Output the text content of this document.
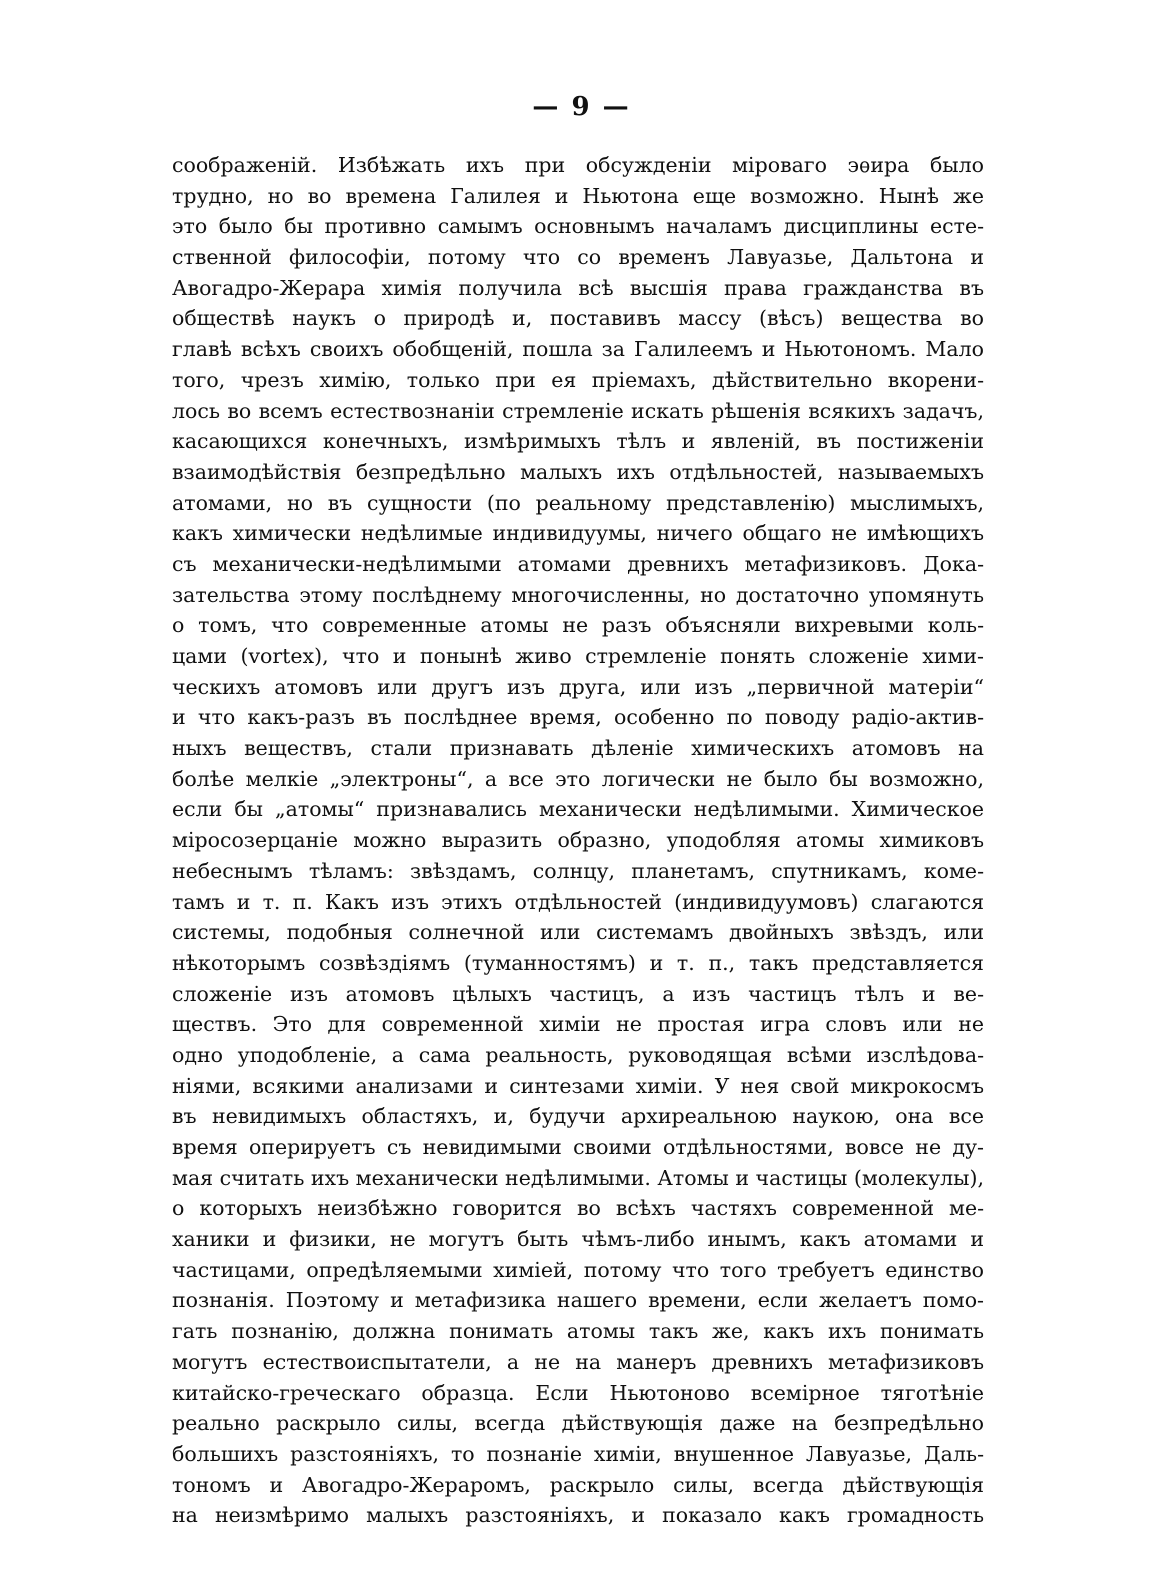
— 9 —
соображеній. Избѣжать ихъ при обсужденіи міроваго эѳира было
трудно, но во времена Галилея и Ньютона еще возможно. Нынѣ же
это было бы противно самымъ основнымъ началамъ дисциплины есте-
ственной философіи, потому что со временъ Лавуазье, Дальтона и
Авогадро-Жерара химія получила всѣ высшія права гражданства въ
обществѣ наукъ о природѣ и, поставивъ массу (вѣсъ) вещества во
главѣ всѣхъ своихъ обобщеній, пошла за Галилеемъ и Ньютономъ. Мало
того, чрезъ химію, только при ея пріемахъ, дѣйствительно вкорени-
лось во всемъ естествознаніи стремленіе искать рѣшенія всякихъ задачъ,
касающихся конечныхъ, измѣримыхъ тѣлъ и явленій, въ постиженіи
взаимодѣйствія безпредѣльно малыхъ ихъ отдѣльностей, называемыхъ
атомами, но въ сущности (по реальному представленію) мыслимыхъ,
какъ химически недѣлимые индивидуумы, ничего общаго не имѣющихъ
съ механически-недѣлимыми атомами древнихъ метафизиковъ. Дока-
зательства этому послѣднему многочисленны, но достаточно упомянуть
о томъ, что современные атомы не разъ объясняли вихревыми коль-
цами (vortex), что и понынѣ живо стремленіе понять сложеніе хими-
ческихъ атомовъ или другъ изъ друга, или изъ „первичной матеріи“
и что какъ-разъ въ послѣднее время, особенно по поводу радіо-актив-
ныхъ веществъ, стали признавать дѣленіе химическихъ атомовъ на
болѣе мелкіе „электроны“, а все это логически не было бы возможно,
если бы „атомы“ признавались механически недѣлимыми. Химическое
міросозерцаніе можно выразить образно, уподобляя атомы химиковъ
небеснымъ тѣламъ: звѣздамъ, солнцу, планетамъ, спутникамъ, коме-
тамъ и т. п. Какъ изъ этихъ отдѣльностей (индивидуумовъ) слагаются
системы, подобныя солнечной или системамъ двойныхъ звѣздъ, или
нѣкоторымъ созвѣздіямъ (туманностямъ) и т. п., такъ представляется
сложеніе изъ атомовъ цѣлыхъ частицъ, а изъ частицъ тѣлъ и ве-
ществъ. Это для современной химіи не простая игра словъ или не
одно уподобленіе, а сама реальность, руководящая всѣми изслѣдова-
ніями, всякими анализами и синтезами химіи. У нея свой микрокосмъ
въ невидимыхъ областяхъ, и, будучи архиреальною наукою, она все
время оперируетъ съ невидимыми своими отдѣльностями, вовсе не ду-
мая считать ихъ механически недѣлимыми. Атомы и частицы (молекулы),
о которыхъ неизбѣжно говорится во всѣхъ частяхъ современной ме-
ханики и физики, не могутъ быть чѣмъ-либо инымъ, какъ атомами и
частицами, опредѣляемыми химіей, потому что того требуетъ единство
познанія. Поэтому и метафизика нашего времени, если желаетъ помо-
гать познанію, должна понимать атомы такъ же, какъ ихъ понимать
могутъ естествоиспытатели, а не на манеръ древнихъ метафизиковъ
китайско-греческаго образца. Если Ньютоново всемірное тяготѣніе
реально раскрыло силы, всегда дѣйствующія даже на безпредѣльно
большихъ разстояніяхъ, то познаніе химіи, внушенное Лавуазье, Даль-
тономъ и Авогадро-Жераромъ, раскрыло силы, всегда дѣйствующія
на неизмѣримо малыхъ разстояніяхъ, и показало какъ громадность
